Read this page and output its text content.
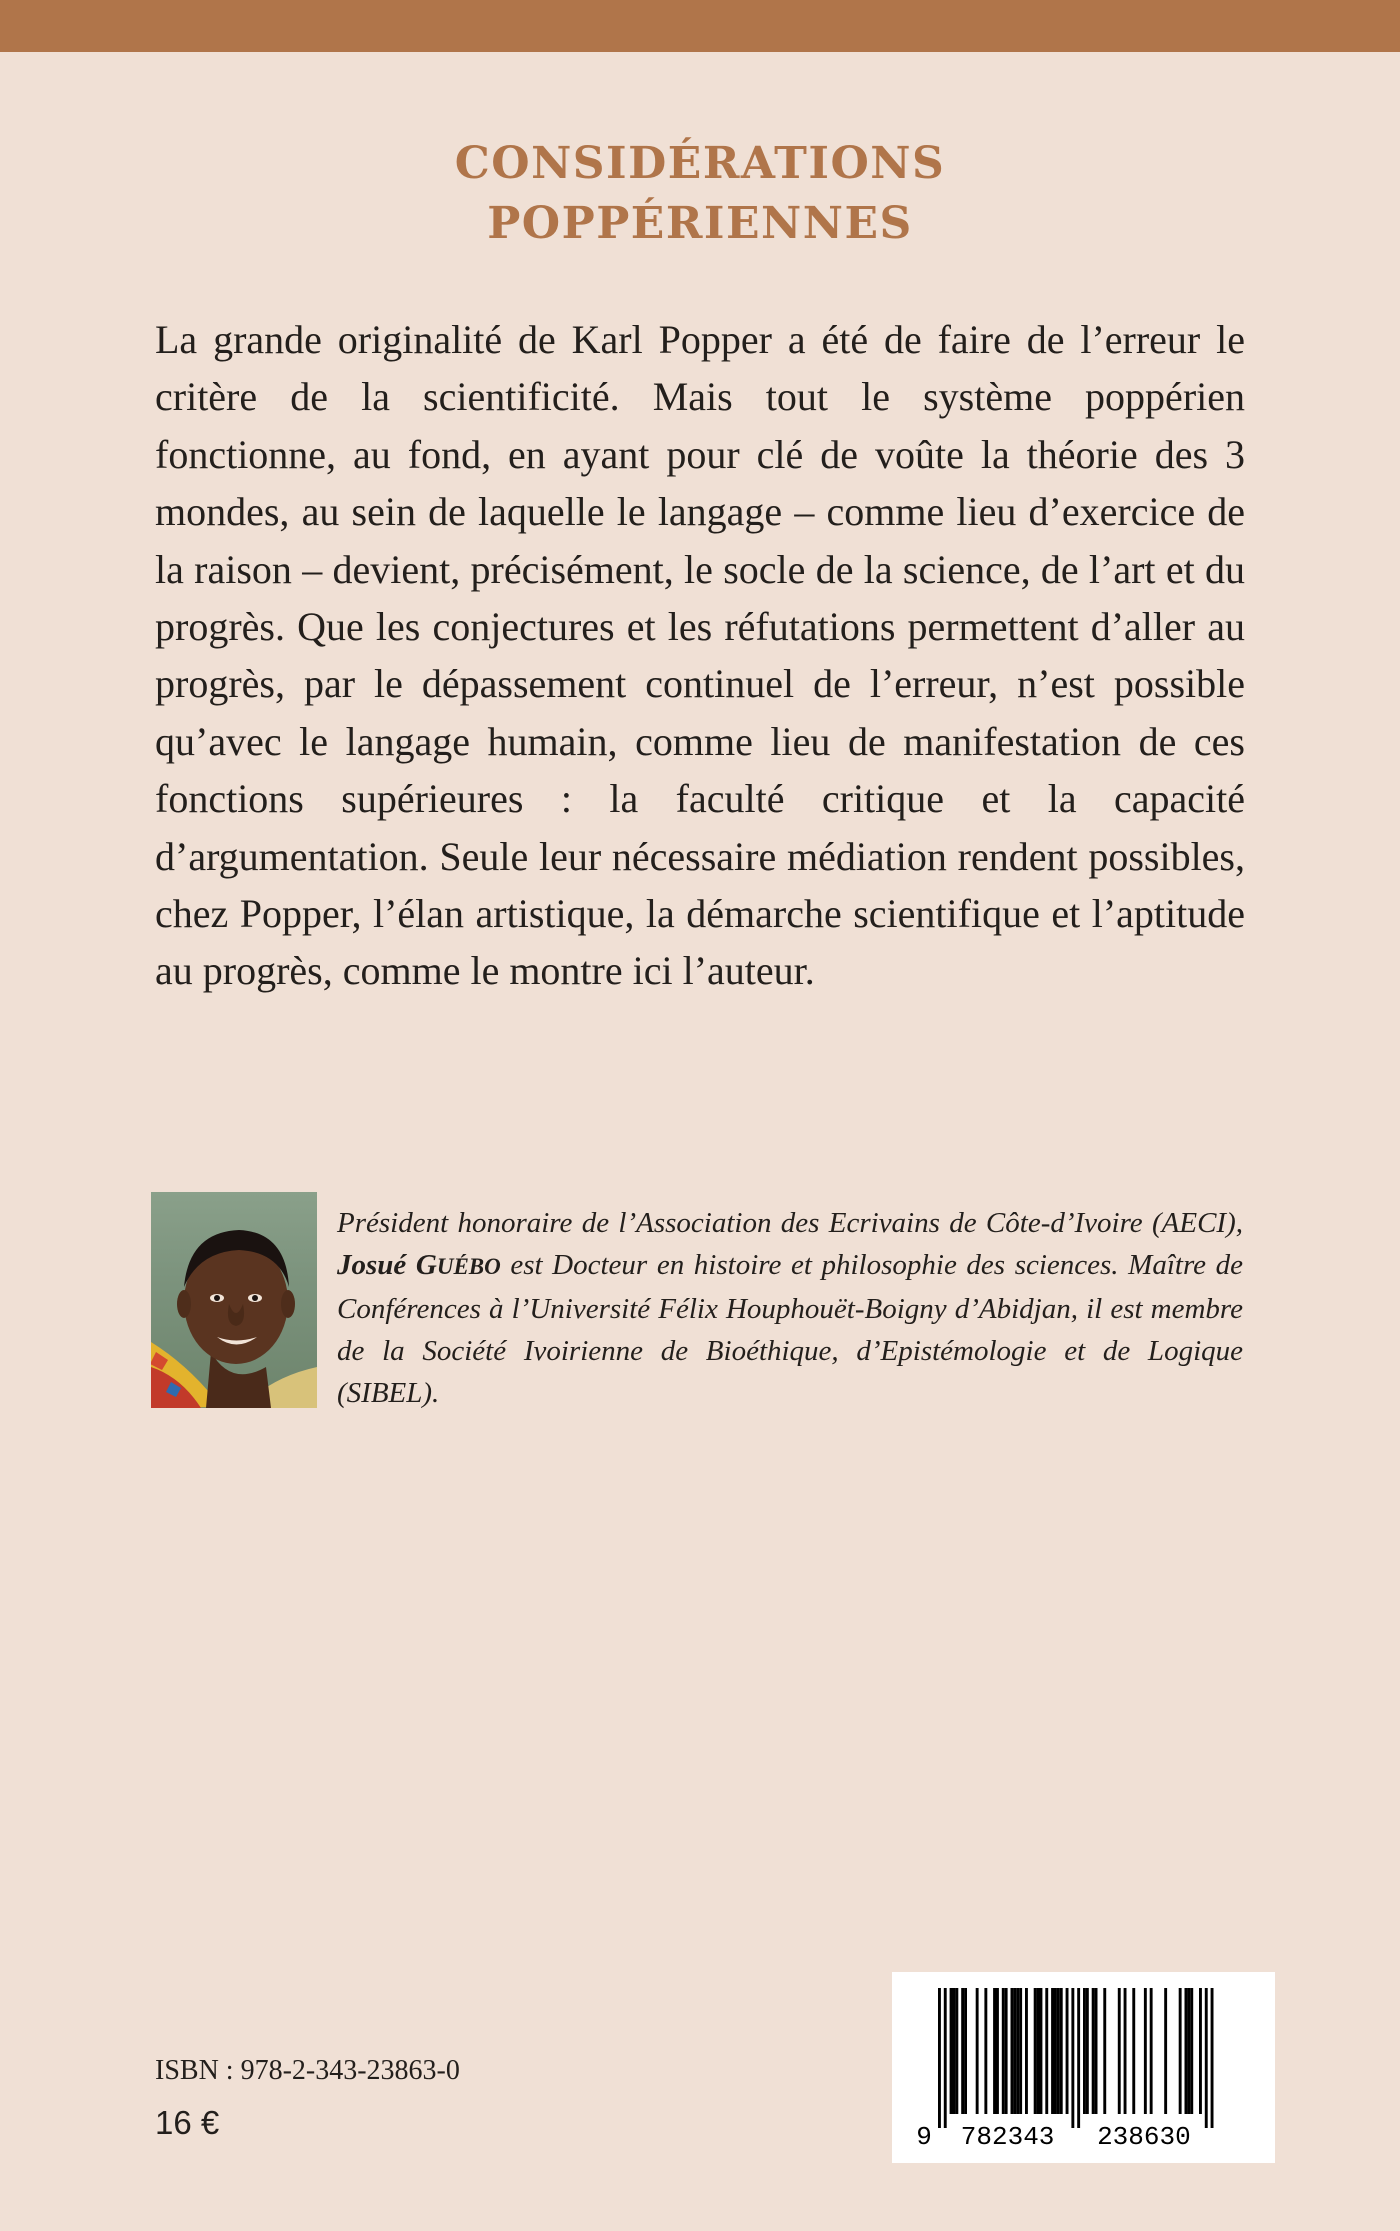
CONSIDÉRATIONS
POPPÉRIENNES

La grande originalité de Karl Popper a été de faire de l’erreur le critère de la scientificité. Mais tout le système poppérien fonctionne, au fond, en ayant pour clé de voûte la théorie des 3 mondes, au sein de laquelle le langage – comme lieu d’exercice de la raison – devient, précisément, le socle de la science, de l’art et du progrès. Que les conjectures et les réfutations permettent d’aller au progrès, par le dépassement continuel de l’erreur, n’est possible qu’avec le langage humain, comme lieu de manifestation de ces fonctions supérieures : la faculté critique et la capacité d’argumentation. Seule leur nécessaire médiation rendent possibles, chez Popper, l’élan artistique, la démarche scientifique et l’aptitude au progrès, comme le montre ici l’auteur.

Président honoraire de l’Association des Ecrivains de Côte-d’Ivoire (AECI), Josué GUÉBO est Docteur en histoire et philosophie des sciences. Maître de Conférences à l’Université Félix Houphouët-Boigny d’Abidjan, il est membre de la Société Ivoirienne de Bioéthique, d’Epistémologie et de Logique (SIBEL).

ISBN : 978-2-343-23863-0
16 €	9 782343 238630
